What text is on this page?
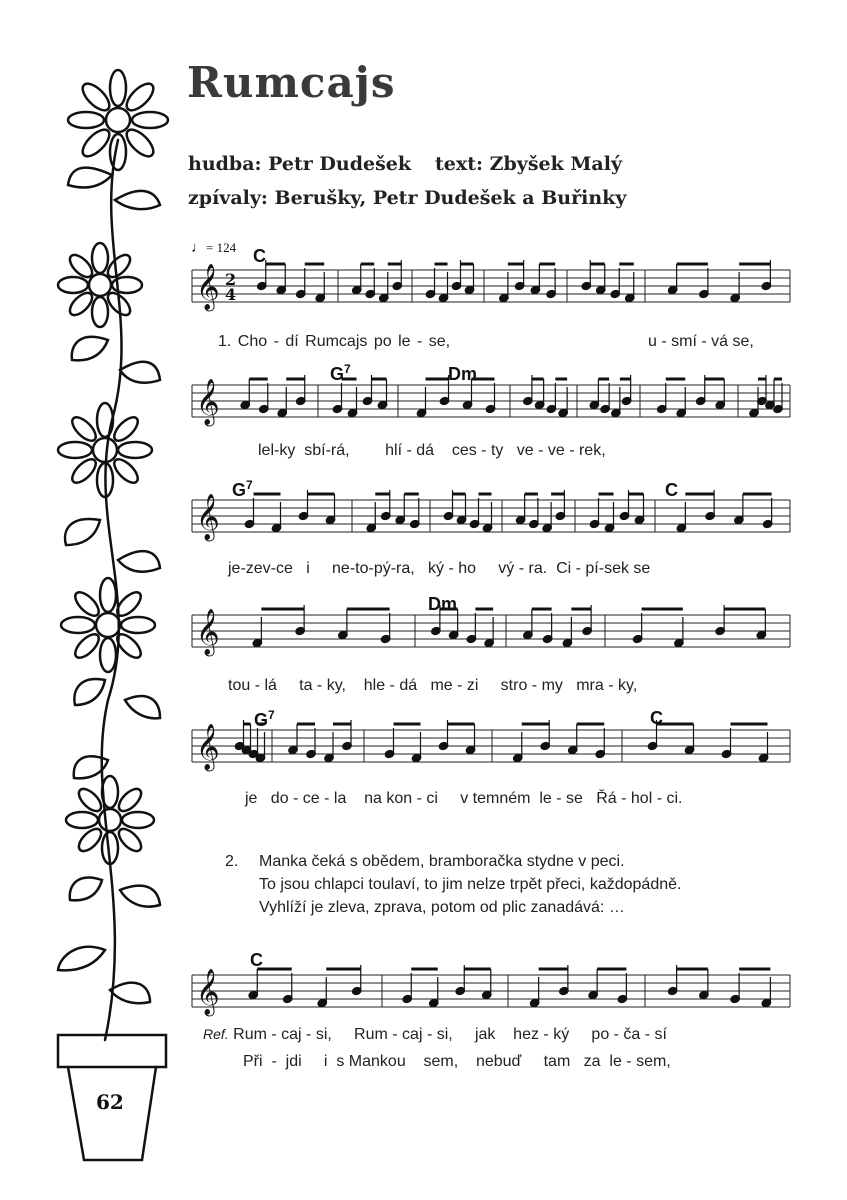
Rumcajs
hudba: Petr Dudešek text: Zbyšek Malý
zpívaly: Berušky, Petr Dudešek a Buřinky
♩= 124
𝄞
𝄞
𝄞
𝄞
𝄞
𝄞
2
4
C
$G^7$	Dm
$G^7$	C
Dm
$G^7$	C
C
1. Cho - dí Rumcajs po le - se,	u - smí - vá se,
lel-ky  sbí-rá,        hlí - dá    ces - ty   ve - ve - rek,
je-zev-ce   i     ne-to-pý-ra,   ký - ho     vý - ra.  Ci - pí-sek se
tou - lá     ta - ky,    hle - dá   me - zi     stro - my   mra - ky,
je   do - ce - la    na kon - ci     v temném  le - se   Řá - hol - ci.
2. Manka čeká s obědem, bramboračka stydne v peci.
To jsou chlapci toulaví, to jim nelze trpět přeci, každopádně.
Vyhlíží je zleva, zprava, potom od plic zanadává: …
Ref. Rum - caj - si,     Rum - caj - si,     jak    hez - ký     po - ča - sí
Při  -  jdi     i  s Mankou    sem,    nebuď     tam   za  le - sem,
62
